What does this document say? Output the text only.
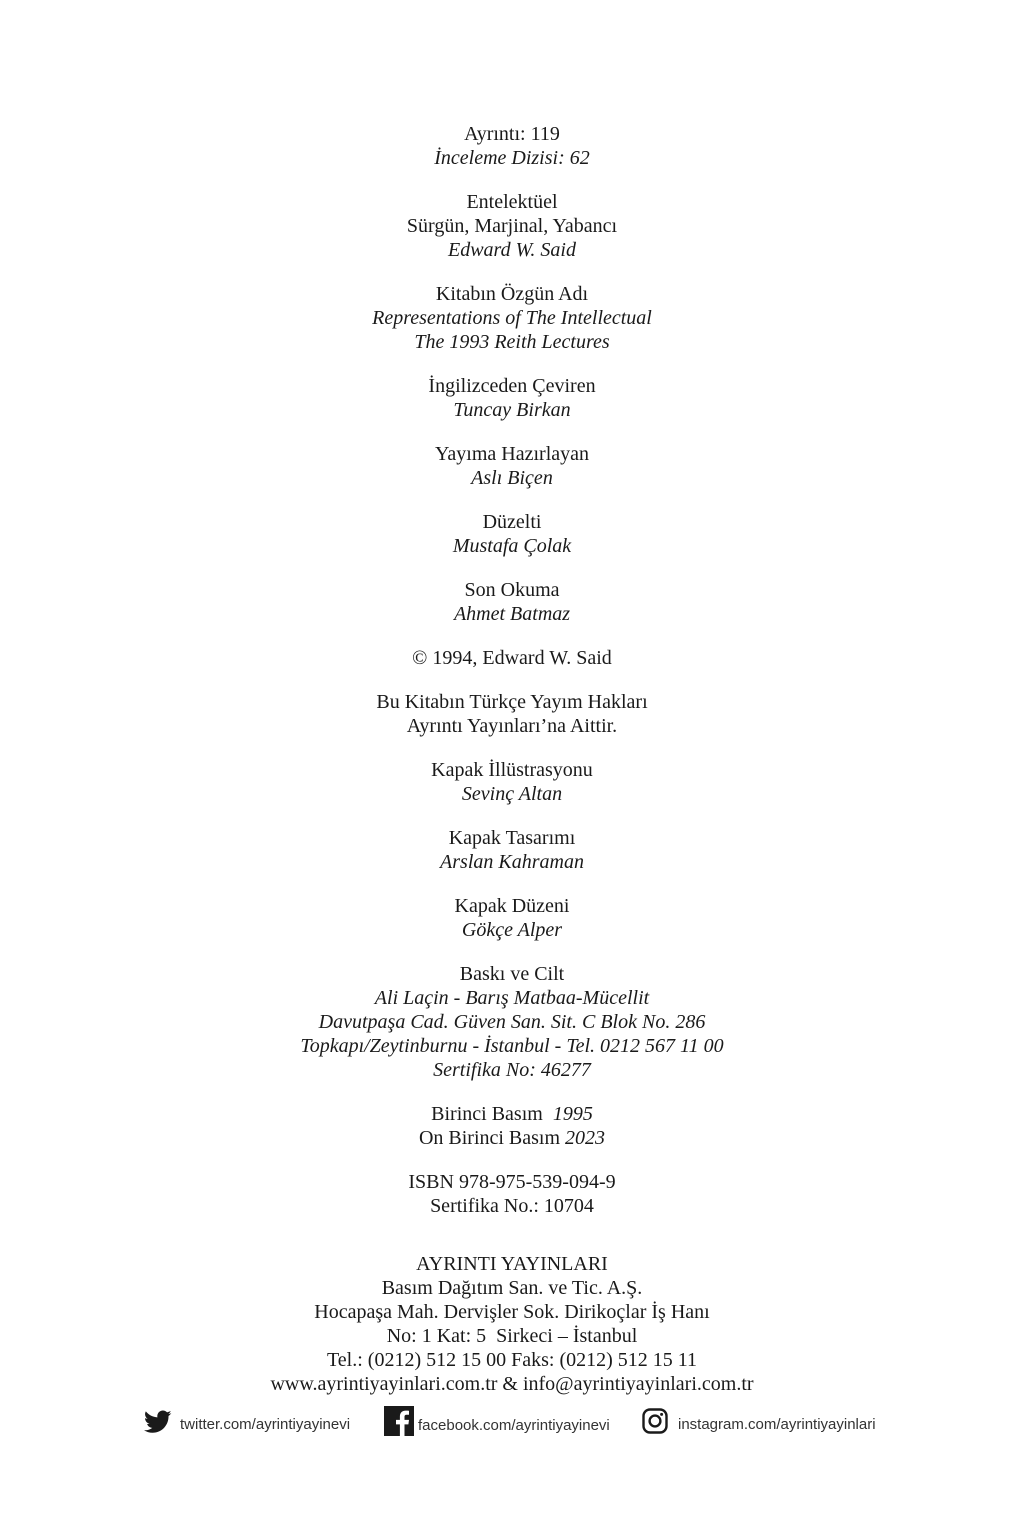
Ayrıntı: 119
İnceleme Dizisi: 62
Entelektüel
Sürgün, Marjinal, Yabancı
Edward W. Said
Kitabın Özgün Adı
Representations of The Intellectual
The 1993 Reith Lectures
İngilizceden Çeviren
Tuncay Birkan
Yayıma Hazırlayan
Aslı Biçen
Düzelti
Mustafa Çolak
Son Okuma
Ahmet Batmaz
© 1994, Edward W. Said
Bu Kitabın Türkçe Yayım Hakları
Ayrıntı Yayınları’na Aittir.
Kapak İllüstrasyonu
Sevinç Altan
Kapak Tasarımı
Arslan Kahraman
Kapak Düzeni
Gökçe Alper
Baskı ve Cilt
Ali Laçin - Barış Matbaa-Mücellit
Davutpaşa Cad. Güven San. Sit. C Blok No. 286
Topkapı/Zeytinburnu - İstanbul - Tel. 0212 567 11 00
Sertifika No: 46277
Birinci Basım 1995
On Birinci Basım 2023
ISBN 978-975-539-094-9
Sertifika No.: 10704
AYRINTI YAYINLARI
Basım Dağıtım San. ve Tic. A.Ş.
Hocapaşa Mah. Dervişler Sok. Dirikoçlar İş Hanı
No: 1 Kat: 5  Sirkeci – İstanbul
Tel.: (0212) 512 15 00 Faks: (0212) 512 15 11
www.ayrintiyayinlari.com.tr & info@ayrintiyayinlari.com.tr
twitter.com/ayrintiyayinevi	facebook.com/ayrintiyayinevi	instagram.com/ayrintiyayinlari
